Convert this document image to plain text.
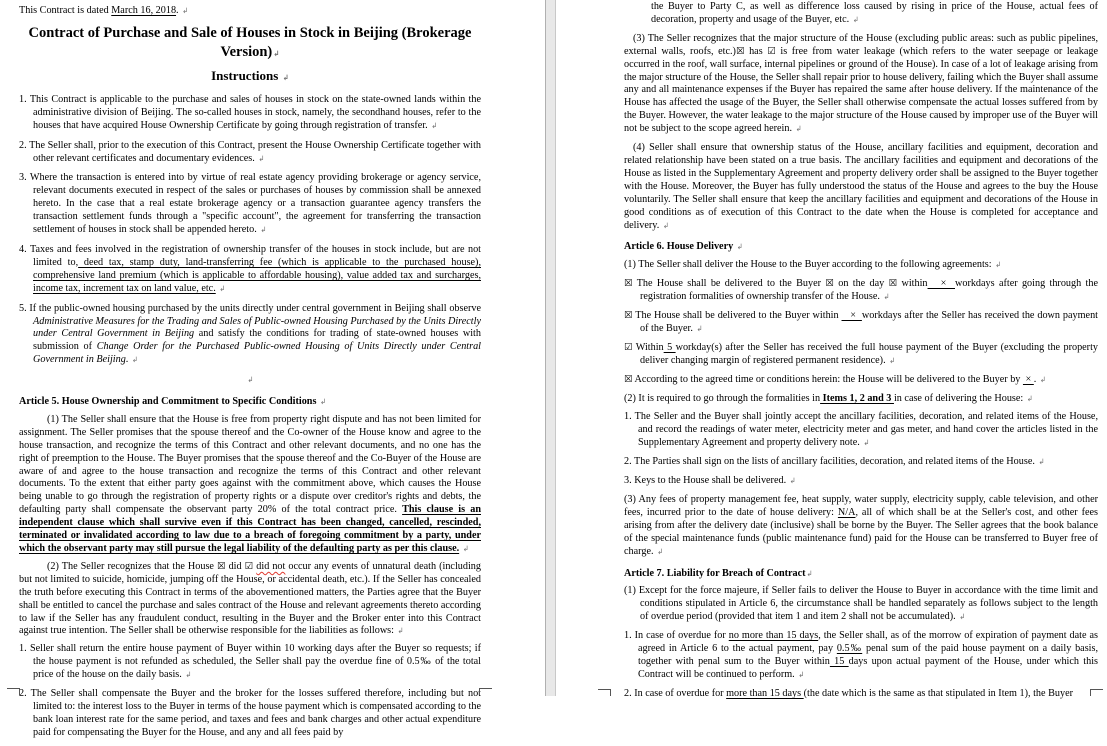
This Contract is dated March 16, 2018. ↲
Contract of Purchase and Sale of Houses in Stock in Beijing (Brokerage Version)↲
Instructions ↲
1. This Contract is applicable to the purchase and sales of houses in stock on the state-owned lands within the administrative division of Beijing. The so-called houses in stock, namely, the secondhand houses, refer to the houses that have acquired House Ownership Certificate by going through registration of transfer. ↲
2. The Seller shall, prior to the execution of this Contract, present the House Ownership Certificate together with other relevant certificates and documentary evidences. ↲
3. Where the transaction is entered into by virtue of real estate agency providing brokerage or agency service, relevant documents executed in respect of the sales or purchases of houses by commission shall be annexed hereto. In the case that a real estate brokerage agency or a transaction guarantee agency transfers the transaction settlement funds through a "specific account", the agreement for transferring the transaction settlement of houses in stock shall be appended hereto. ↲
4. Taxes and fees involved in the registration of ownership transfer of the houses in stock include, but are not limited to, deed tax, stamp duty, land-transferring fee (which is applicable to the purchased house), comprehensive land premium (which is applicable to affordable housing), value added tax and surcharges, income tax, increment tax on land value, etc. ↲
5. If the public-owned housing purchased by the units directly under central government in Beijing shall observe Administrative Measures for the Trading and Sales of Public-owned Housing Purchased by the Units Directly under Central Government in Beijing and satisfy the conditions for trading of state-owned houses with submission of Change Order for the Purchased Public-owned Housing of Units Directly under Central Government in Beijing. ↲
↲
Article 5. House Ownership and Commitment to Specific Conditions ↲
(1) The Seller shall ensure that the House is free from property right dispute and has not been limited for assignment. The Seller promises that the spouse thereof and the Co-owner of the House know and agree to the house transaction, and recognize the terms of this Contract and other relevant documents, and no one has the right of preemption to the House. The Buyer promises that the spouse thereof and the Co-Buyer of the House are aware of and agree to the house transaction and recognize the terms of this Contract and other relevant documents. To the extent that either party goes against with the commitment above, which causes the House being unable to go through the registration of property rights or a dispute over creditor's rights and debts, the defaulting party shall compensate the observant party 20% of the total contract price. This clause is an independent clause which shall survive even if this Contract has been changed, cancelled, rescinded, terminated or invalidated according to law due to a breach of foregoing commitment by a party, under which the observant party may still pursue the legal liability of the defaulting party as per this clause. ↲
(2) The Seller recognizes that the House ☒ did ☑ did not occur any events of unnatural death (including but not limited to suicide, homicide, jumping off the House, or accidental death, etc.). If the Seller has concealed the truth before executing this Contract in terms of the abovementioned matters, the Parties agree that the Buyer shall be entitled to cancel the purchase and sales contract of the House and relevant agreements thereto according to law if the Seller has any fraudulent conduct, resulting in the Buyer and the Broker enter into this Contract against true intention. The Seller shall be otherwise responsible for the liabilities as follows: ↲
1. Seller shall return the entire house payment of Buyer within 10 working days after the Buyer so requests; if the house payment is not refunded as scheduled, the Seller shall pay the overdue fine of 0.5‰ of the total price of the house on the daily basis. ↲
2. The Seller shall compensate the Buyer and the broker for the losses suffered therefore, including but not limited to: the interest loss to the Buyer in terms of the house payment which is compensated according to the bank loan interest rate for the same period, and taxes and fees and bank charges and other actual expenditure paid for compensating the Buyer for the House, and any and all fees paid by
the Buyer to Party C, as well as difference loss caused by rising in price of the House, actual fees of decoration, property and usage of the Buyer, etc. ↲
(3) The Seller recognizes that the major structure of the House (excluding public areas: such as public pipelines, external walls, roofs, etc.)☒ has ☑ is free from water leakage (which refers to the water seepage or leakage occurred in the roof, wall surface, internal pipelines or ground of the House). In case of a lot of leakage arising from the major structure of the House, the Seller shall repair prior to house delivery, failing which the Buyer shall assume any and all maintenance expenses if the Buyer has repaired the same after house delivery. If the maintenance of the House has affected the usage of the Buyer, the Seller shall otherwise compensate the actual losses suffered from by the Buyer. However, the water leakage to the major structure of the House caused by improper use of the Buyer will not be subject to the scope agreed herein. ↲
(4) Seller shall ensure that ownership status of the House, ancillary facilities and equipment, decoration and related relationship have been stated on a true basis. The ancillary facilities and equipment and decorations of the House as listed in the Supplementary Agreement and property delivery order shall be assigned to the Buyer together with the House. Moreover, the Buyer has fully understood the status of the House and agrees to the buy the House voluntarily. The Seller shall ensure that keep the ancillary facilities and equipment and decorations of the House in good conditions as of execution of this Contract to the date when the House is completed for acceptance and delivery. ↲
Article 6. House Delivery ↲
(1) The Seller shall deliver the House to the Buyer according to the following agreements: ↲
☒ The House shall be delivered to the Buyer ☒ on the day ☒ within   ×  workdays after going through the registration formalities of ownership transfer of the House. ↲
☒ The House shall be delivered to the Buyer within    ×  workdays after the Seller has received the down payment of the Buyer. ↲
☑ Within 5 workday(s) after the Seller has received the full house payment of the Buyer (excluding the property deliver changing margin of registered permanent residence). ↲
☒ According to the agreed time or conditions herein: the House will be delivered to the Buyer by  × . ↲
(2) It is required to go through the formalities in Items 1, 2 and 3 in case of delivering the House: ↲
1. The Seller and the Buyer shall jointly accept the ancillary facilities, decoration, and related items of the House, and record the readings of water meter, electricity meter and gas meter, and hand cover the articles listed in the Supplementary Agreement and property delivery note. ↲
2. The Parties shall sign on the lists of ancillary facilities, decoration, and related items of the House. ↲
3. Keys to the House shall be delivered. ↲
(3) Any fees of property management fee, heat supply, water supply, electricity supply, cable television, and other fees, incurred prior to the date of house delivery: N/A, all of which shall be at the Seller's cost, and other fees arising from after the delivery date (inclusive) shall be borne by the Buyer. The Seller agrees that the book balance of the special maintenance funds (public maintenance fund) paid for the House can be transferred to Buyer free of charge. ↲
Article 7. Liability for Breach of Contract↲
(1) Except for the force majeure, if Seller fails to deliver the House to Buyer in accordance with the time limit and conditions stipulated in Article 6, the circumstance shall be handled separately as follows subject to the length of overdue period (provided that item 1 and item 2 shall not be accumulated). ↲
1. In case of overdue for no more than 15 days, the Seller shall, as of the morrow of expiration of payment date as agreed in Article 6 to the actual payment, pay 0.5‰ penal sum of the paid house payment on a daily basis, together with penal sum to the Buyer within 15 days upon actual payment of the House, under which this Contract will be continued to perform. ↲
2. In case of overdue for more than 15 days (the date which is the same as that stipulated in Item 1), the Buyer
